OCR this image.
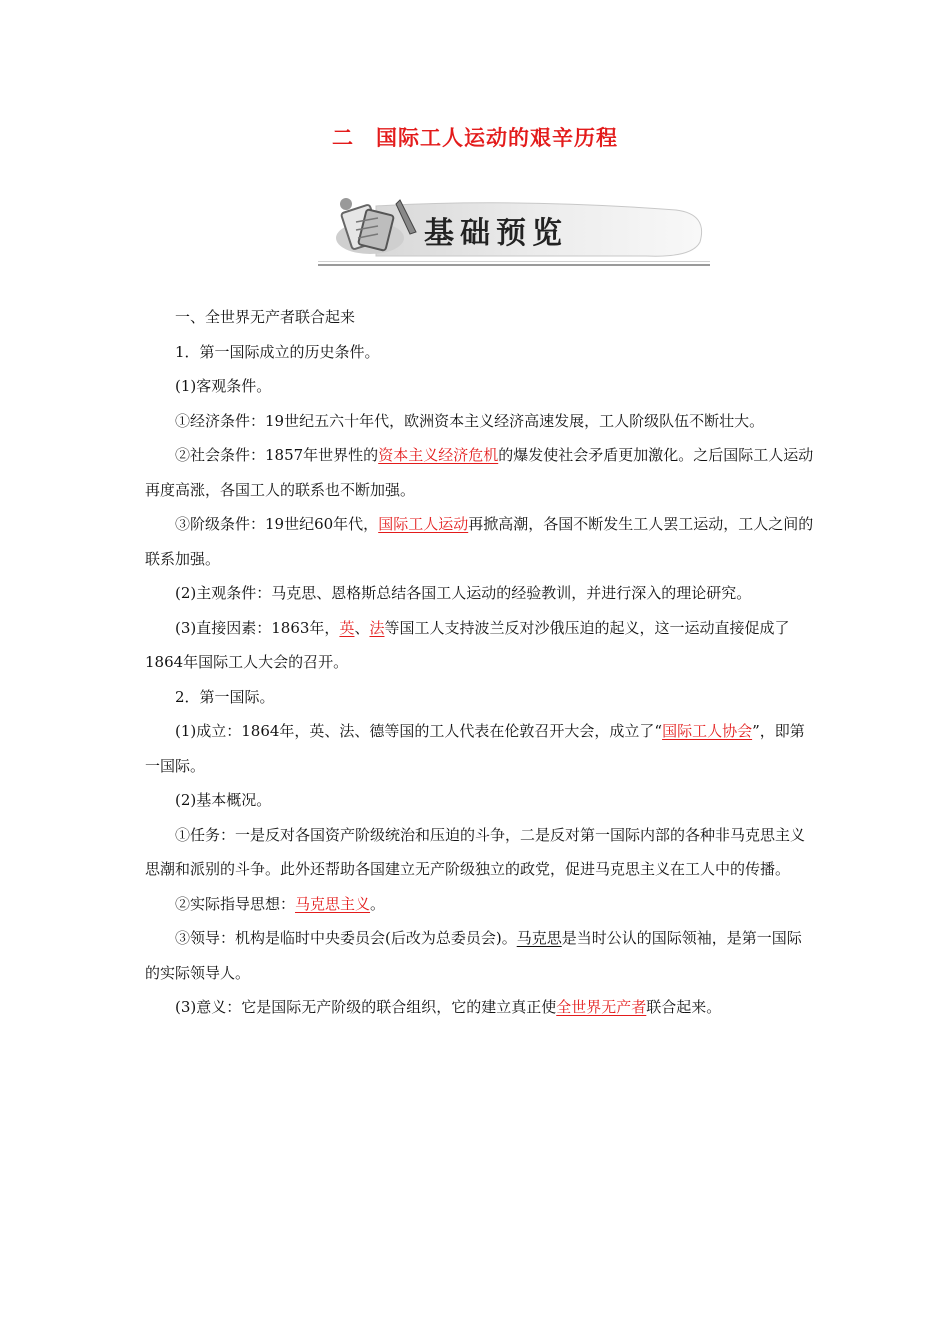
二　国际工人运动的艰辛历程
基础预览

一、全世界无产者联合起来

1．第一国际成立的历史条件。

(1)客观条件。

①经济条件：19世纪五六十年代，欧洲资本主义经济高速发展，工人阶级队伍不断壮大。

②社会条件：1857年世界性的资本主义经济危机的爆发使社会矛盾更加激化。之后国际工人运动再度高涨，各国工人的联系也不断加强。

③阶级条件：19世纪60年代，国际工人运动再掀高潮，各国不断发生工人罢工运动，工人之间的联系加强。

(2)主观条件：马克思、恩格斯总结各国工人运动的经验教训，并进行深入的理论研究。

(3)直接因素：1863年，英、法等国工人支持波兰反对沙俄压迫的起义，这一运动直接促成了1864年国际工人大会的召开。

2．第一国际。

(1)成立：1864年，英、法、德等国的工人代表在伦敦召开大会，成立了“国际工人协会”，即第一国际。

(2)基本概况。

①任务：一是反对各国资产阶级统治和压迫的斗争，二是反对第一国际内部的各种非马克思主义思潮和派别的斗争。此外还帮助各国建立无产阶级独立的政党，促进马克思主义在工人中的传播。

②实际指导思想：马克思主义。

③领导：机构是临时中央委员会(后改为总委员会)。马克思是当时公认的国际领袖，是第一国际的实际领导人。

(3)意义：它是国际无产阶级的联合组织，它的建立真正使全世界无产者联合起来。
